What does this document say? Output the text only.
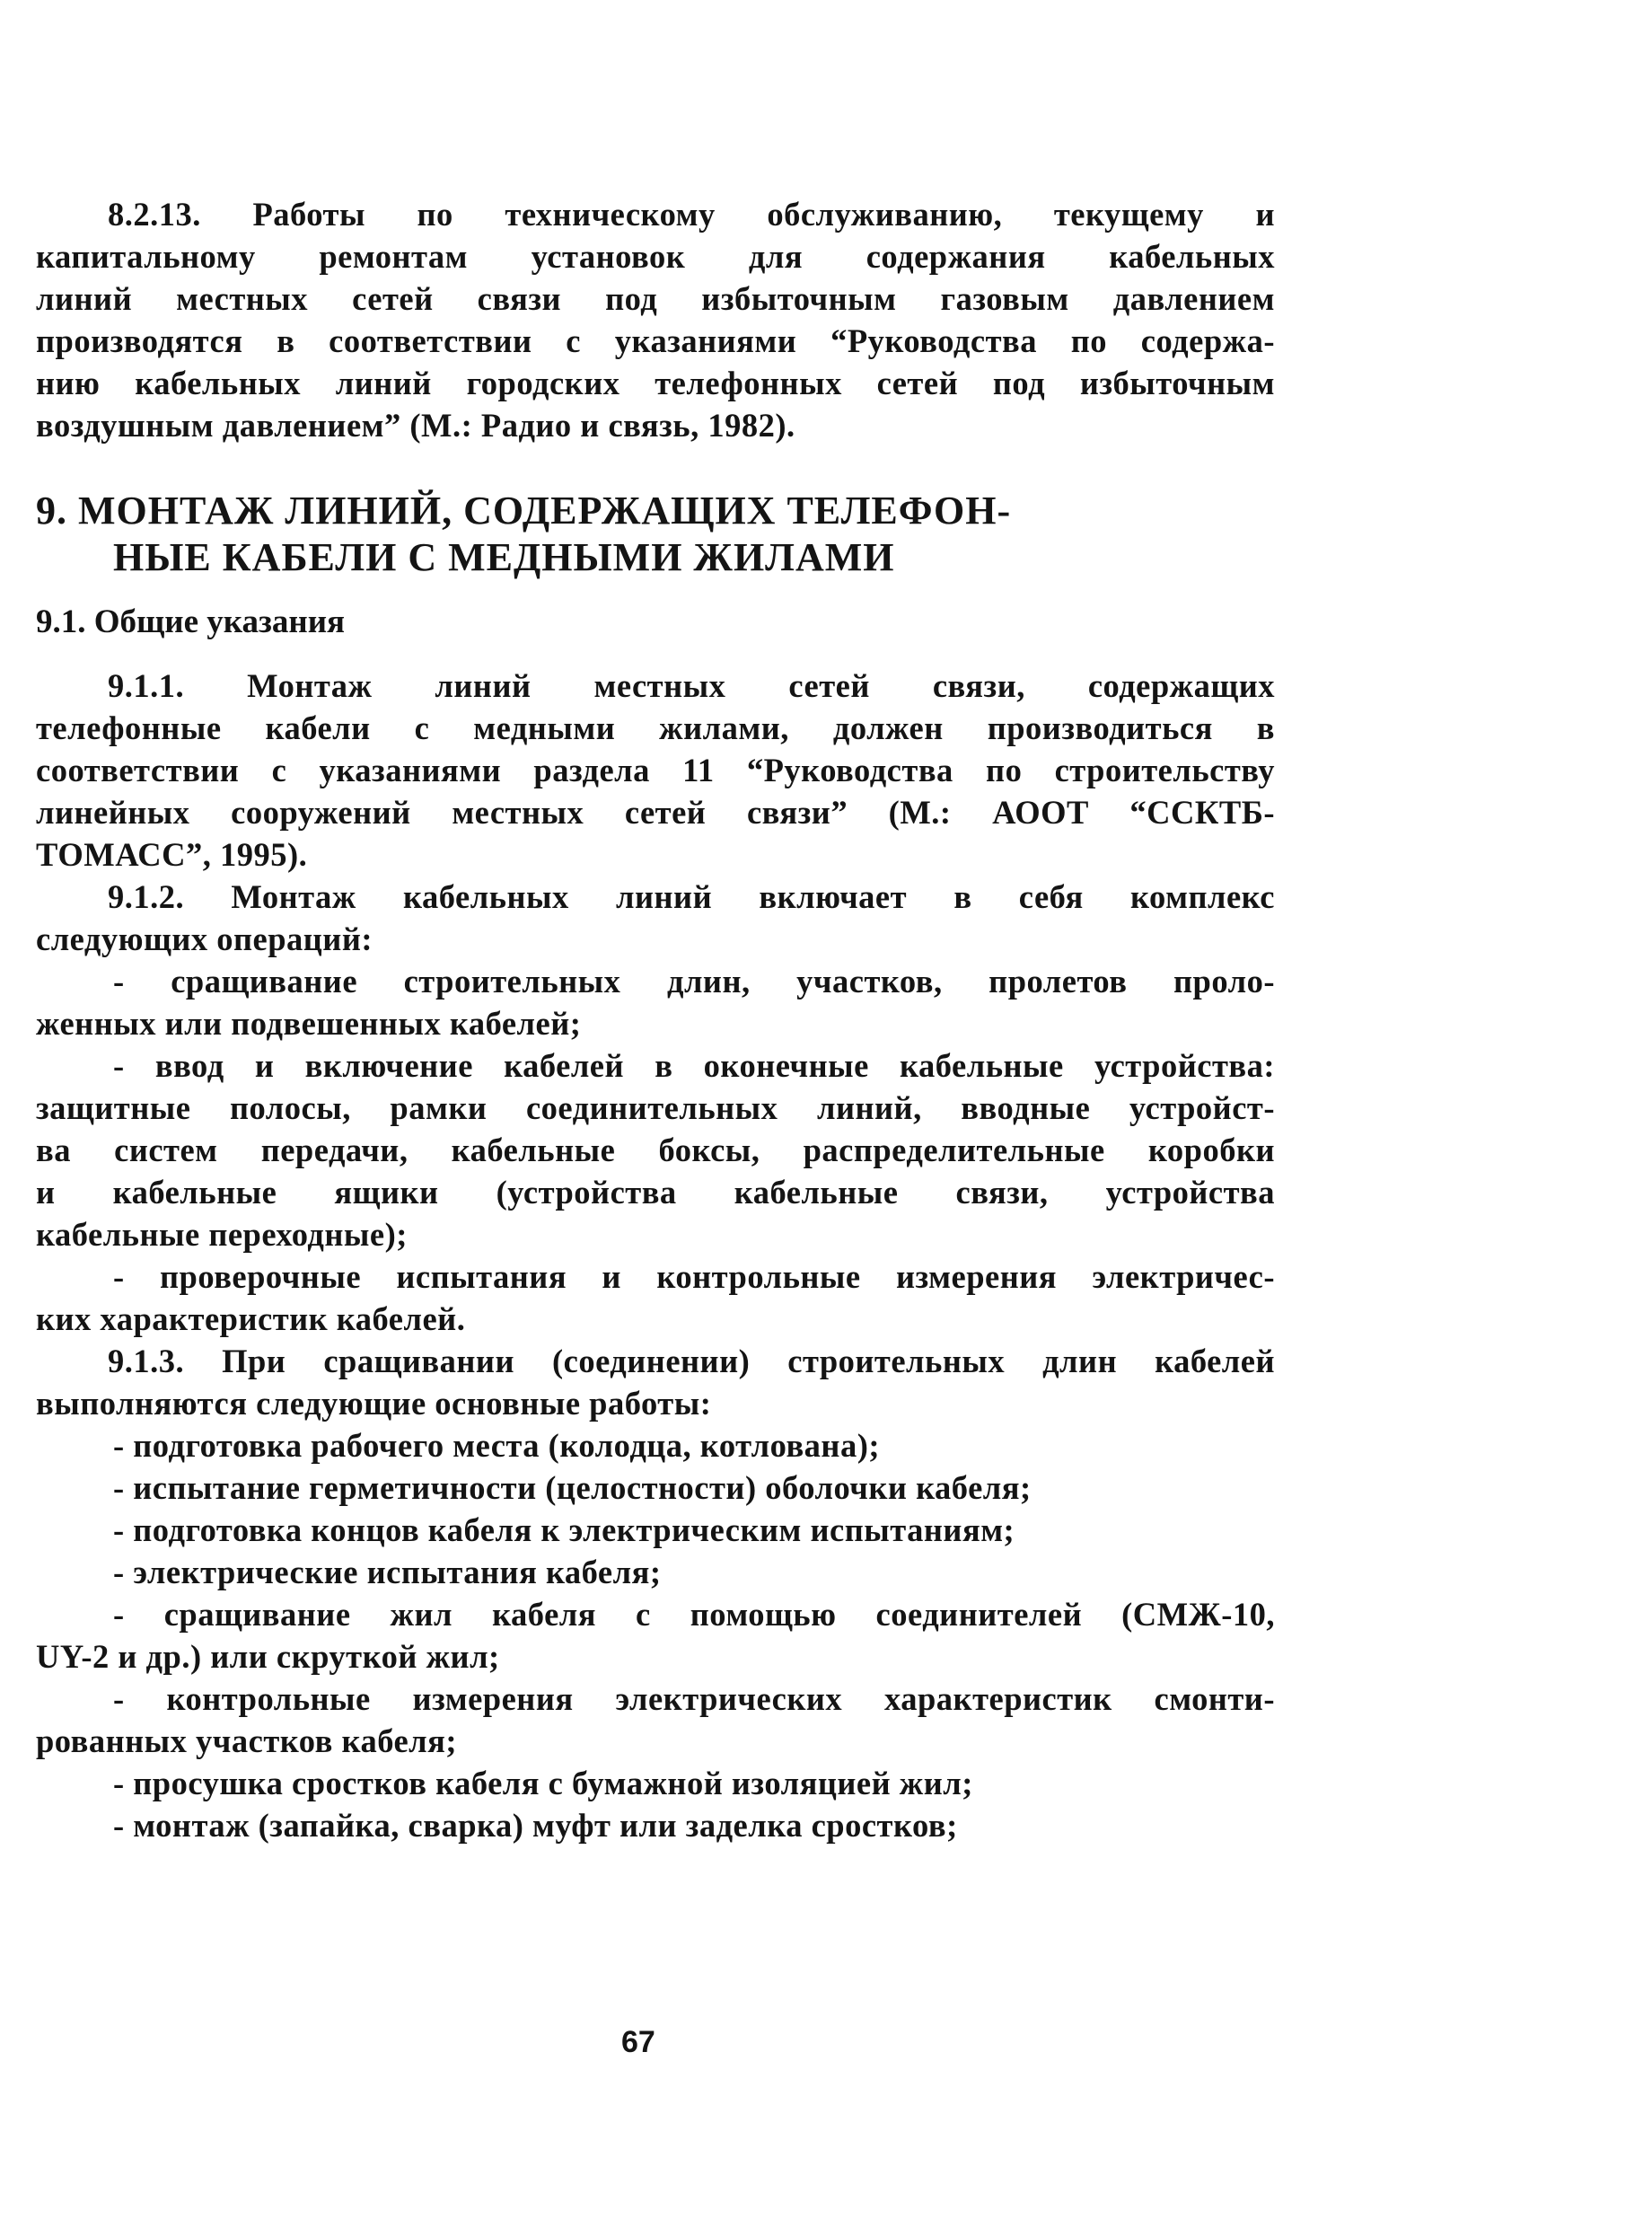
8.2.13. Работы по техническому обслуживанию, текущему и
капитальному ремонтам установок для содержания кабельных
линий местных сетей связи под избыточным газовым давлением
производятся в соответствии с указаниями “Руководства по содержа-
нию кабельных линий городских телефонных сетей под избыточным
воздушным давлением” (М.: Радио и связь, 1982).
9. МОНТАЖ ЛИНИЙ, СОДЕРЖАЩИХ ТЕЛЕФОН-
НЫЕ КАБЕЛИ С МЕДНЫМИ ЖИЛАМИ
9.1. Общие указания
9.1.1. Монтаж линий местных сетей связи, содержащих
телефонные кабели с медными жилами, должен производиться в
соответствии с указаниями раздела 11 “Руководства по строительству
линейных сооружений местных сетей связи” (М.: АООТ “ССКТБ-
ТОМАСС”, 1995).
9.1.2. Монтаж кабельных линий включает в себя комплекс
следующих операций:
- сращивание строительных длин, участков, пролетов проло-
женных или подвешенных кабелей;
- ввод и включение кабелей в оконечные кабельные устройства:
защитные полосы, рамки соединительных линий, вводные устройст-
ва систем передачи, кабельные боксы, распределительные коробки
и кабельные ящики (устройства кабельные связи, устройства
кабельные переходные);
- проверочные испытания и контрольные измерения электричес-
ких характеристик кабелей.
9.1.3. При сращивании (соединении) строительных длин кабелей
выполняются следующие основные работы:
- подготовка рабочего места (колодца, котлована);
- испытание герметичности (целостности) оболочки кабеля;
- подготовка концов кабеля к электрическим испытаниям;
- электрические испытания кабеля;
- сращивание жил кабеля с помощью соединителей (СМЖ-10,
UY-2 и др.) или скруткой жил;
- контрольные измерения электрических характеристик смонти-
рованных участков кабеля;
- просушка сростков кабеля с бумажной изоляцией жил;
- монтаж (запайка, сварка) муфт или заделка сростков;
67
